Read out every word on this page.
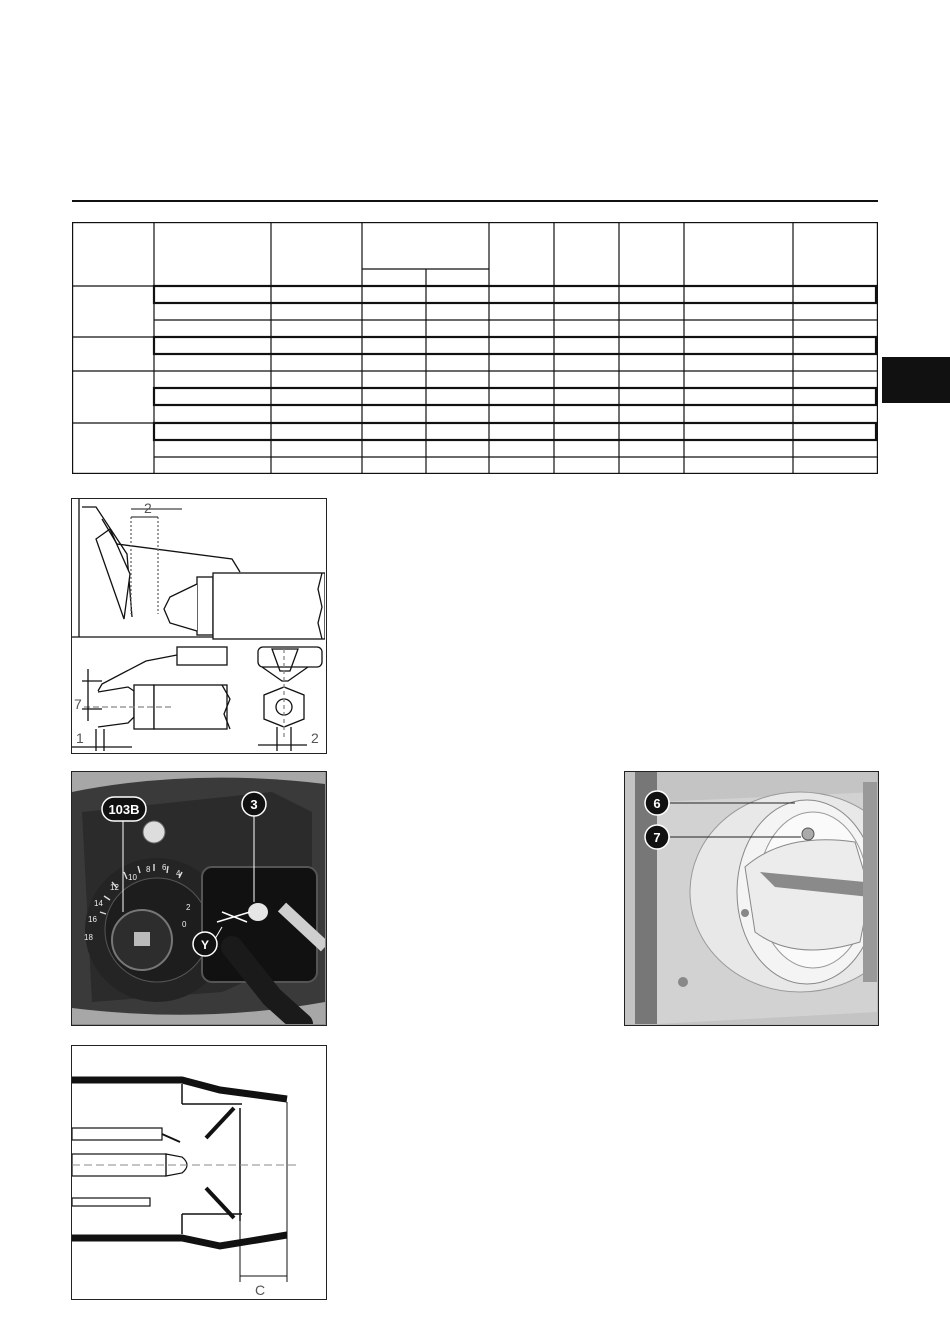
2
7
1	2
12
10
8 6
4
2
0
14
16
18
103B	3
Y
6
7
C
